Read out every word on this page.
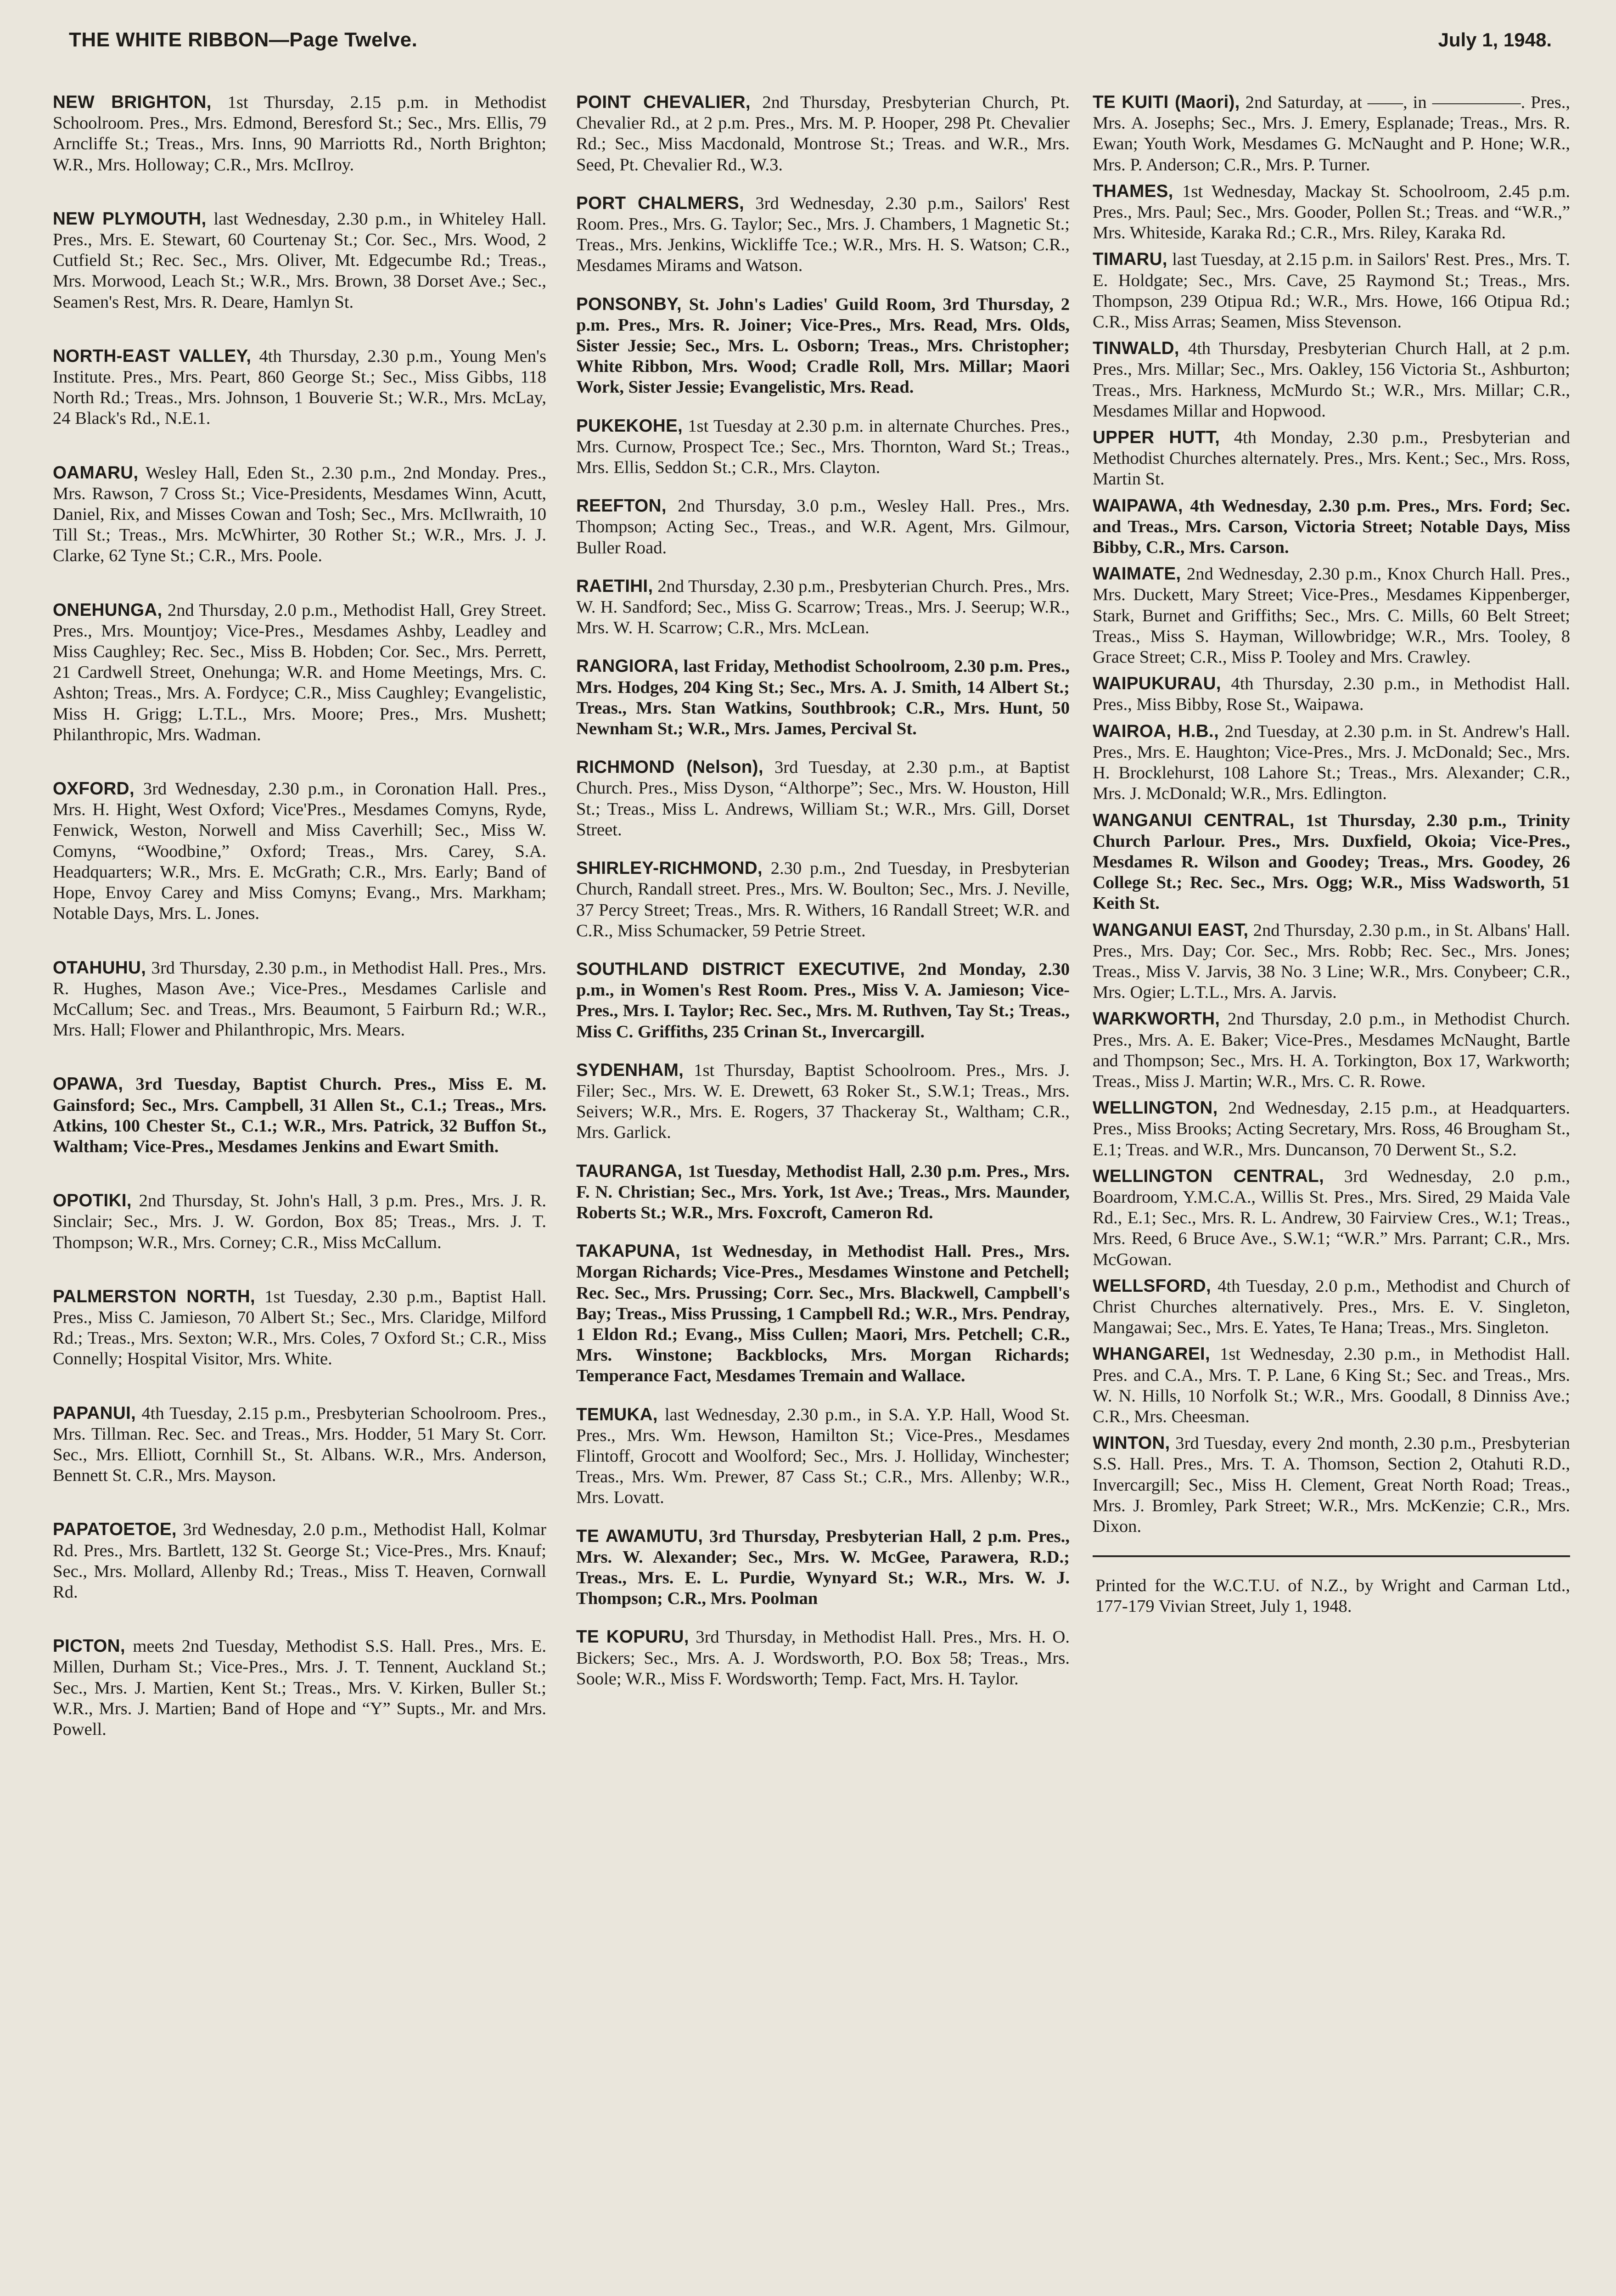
THE WHITE RIBBON—Page Twelve.	July 1, 1948.

NEW BRIGHTON, 1st Thursday, 2.15 p.m. in Methodist Schoolroom. Pres., Mrs. Edmond, Beresford St.; Sec., Mrs. Ellis, 79 Arncliffe St.; Treas., Mrs. Inns, 90 Marriotts Rd., North Brighton; W.R., Mrs. Holloway; C.R., Mrs. McIlroy.

NEW PLYMOUTH, last Wednesday, 2.30 p.m., in Whiteley Hall. Pres., Mrs. E. Stewart, 60 Courtenay St.; Cor. Sec., Mrs. Wood, 2 Cutfield St.; Rec. Sec., Mrs. Oliver, Mt. Edgecumbe Rd.; Treas., Mrs. Morwood, Leach St.; W.R., Mrs. Brown, 38 Dorset Ave.; Sec., Seamen's Rest, Mrs. R. Deare, Hamlyn St.

NORTH-EAST VALLEY, 4th Thursday, 2.30 p.m., Young Men's Institute. Pres., Mrs. Peart, 860 George St.; Sec., Miss Gibbs, 118 North Rd.; Treas., Mrs. Johnson, 1 Bouverie St.; W.R., Mrs. McLay, 24 Black's Rd., N.E.1.

OAMARU, Wesley Hall, Eden St., 2.30 p.m., 2nd Monday. Pres., Mrs. Rawson, 7 Cross St.; Vice-Presidents, Mesdames Winn, Acutt, Daniel, Rix, and Misses Cowan and Tosh; Sec., Mrs. McIlwraith, 10 Till St.; Treas., Mrs. McWhirter, 30 Rother St.; W.R., Mrs. J. J. Clarke, 62 Tyne St.; C.R., Mrs. Poole.

ONEHUNGA, 2nd Thursday, 2.0 p.m., Methodist Hall, Grey Street. Pres., Mrs. Mountjoy; Vice-Pres., Mesdames Ashby, Leadley and Miss Caughley; Rec. Sec., Miss B. Hobden; Cor. Sec., Mrs. Perrett, 21 Cardwell Street, Onehunga; W.R. and Home Meetings, Mrs. C. Ashton; Treas., Mrs. A. Fordyce; C.R., Miss Caughley; Evangelistic, Miss H. Grigg; L.T.L., Mrs. Moore; Pres., Mrs. Mushett; Philanthropic, Mrs. Wadman.

OXFORD, 3rd Wednesday, 2.30 p.m., in Coronation Hall. Pres., Mrs. H. Hight, West Oxford; Vice'Pres., Mesdames Comyns, Ryde, Fenwick, Weston, Norwell and Miss Caverhill; Sec., Miss W. Comyns, “Woodbine,” Oxford; Treas., Mrs. Carey, S.A. Headquarters; W.R., Mrs. E. McGrath; C.R., Mrs. Early; Band of Hope, Envoy Carey and Miss Comyns; Evang., Mrs. Markham; Notable Days, Mrs. L. Jones.

OTAHUHU, 3rd Thursday, 2.30 p.m., in Methodist Hall. Pres., Mrs. R. Hughes, Mason Ave.; Vice-Pres., Mesdames Carlisle and McCallum; Sec. and Treas., Mrs. Beaumont, 5 Fairburn Rd.; W.R., Mrs. Hall; Flower and Philanthropic, Mrs. Mears.

OPAWA, 3rd Tuesday, Baptist Church. Pres., Miss E. M. Gainsford; Sec., Mrs. Campbell, 31 Allen St., C.1.; Treas., Mrs. Atkins, 100 Chester St., C.1.; W.R., Mrs. Patrick, 32 Buffon St., Waltham; Vice-Pres., Mesdames Jenkins and Ewart Smith.

OPOTIKI, 2nd Thursday, St. John's Hall, 3 p.m. Pres., Mrs. J. R. Sinclair; Sec., Mrs. J. W. Gordon, Box 85; Treas., Mrs. J. T. Thompson; W.R., Mrs. Corney; C.R., Miss McCallum.

PALMERSTON NORTH, 1st Tuesday, 2.30 p.m., Baptist Hall. Pres., Miss C. Jamieson, 70 Albert St.; Sec., Mrs. Claridge, Milford Rd.; Treas., Mrs. Sexton; W.R., Mrs. Coles, 7 Oxford St.; C.R., Miss Connelly; Hospital Visitor, Mrs. White.

PAPANUI, 4th Tuesday, 2.15 p.m., Presbyterian Schoolroom. Pres., Mrs. Tillman. Rec. Sec. and Treas., Mrs. Hodder, 51 Mary St. Corr. Sec., Mrs. Elliott, Cornhill St., St. Albans. W.R., Mrs. Anderson, Bennett St. C.R., Mrs. Mayson.

PAPATOETOE, 3rd Wednesday, 2.0 p.m., Methodist Hall, Kolmar Rd. Pres., Mrs. Bartlett, 132 St. George St.; Vice-Pres., Mrs. Knauf; Sec., Mrs. Mollard, Allenby Rd.; Treas., Miss T. Heaven, Cornwall Rd.

PICTON, meets 2nd Tuesday, Methodist S.S. Hall. Pres., Mrs. E. Millen, Durham St.; Vice-Pres., Mrs. J. T. Tennent, Auckland St.; Sec., Mrs. J. Martien, Kent St.; Treas., Mrs. V. Kirken, Buller St.; W.R., Mrs. J. Martien; Band of Hope and “Y” Supts., Mr. and Mrs. Powell.

POINT CHEVALIER, 2nd Thursday, Presbyterian Church, Pt. Chevalier Rd., at 2 p.m. Pres., Mrs. M. P. Hooper, 298 Pt. Chevalier Rd.; Sec., Miss Macdonald, Montrose St.; Treas. and W.R., Mrs. Seed, Pt. Chevalier Rd., W.3.

PORT CHALMERS, 3rd Wednesday, 2.30 p.m., Sailors' Rest Room. Pres., Mrs. G. Taylor; Sec., Mrs. J. Chambers, 1 Magnetic St.; Treas., Mrs. Jenkins, Wickliffe Tce.; W.R., Mrs. H. S. Watson; C.R., Mesdames Mirams and Watson.

PONSONBY, St. John's Ladies' Guild Room, 3rd Thursday, 2 p.m. Pres., Mrs. R. Joiner; Vice-Pres., Mrs. Read, Mrs. Olds, Sister Jessie; Sec., Mrs. L. Osborn; Treas., Mrs. Christopher; White Ribbon, Mrs. Wood; Cradle Roll, Mrs. Millar; Maori Work, Sister Jessie; Evangelistic, Mrs. Read.

PUKEKOHE, 1st Tuesday at 2.30 p.m. in alternate Churches. Pres., Mrs. Curnow, Prospect Tce.; Sec., Mrs. Thornton, Ward St.; Treas., Mrs. Ellis, Seddon St.; C.R., Mrs. Clayton.

REEFTON, 2nd Thursday, 3.0 p.m., Wesley Hall. Pres., Mrs. Thompson; Acting Sec., Treas., and W.R. Agent, Mrs. Gilmour, Buller Road.

RAETIHI, 2nd Thursday, 2.30 p.m., Presbyterian Church. Pres., Mrs. W. H. Sandford; Sec., Miss G. Scarrow; Treas., Mrs. J. Seerup; W.R., Mrs. W. H. Scarrow; C.R., Mrs. McLean.

RANGIORA, last Friday, Methodist Schoolroom, 2.30 p.m. Pres., Mrs. Hodges, 204 King St.; Sec., Mrs. A. J. Smith, 14 Albert St.; Treas., Mrs. Stan Watkins, Southbrook; C.R., Mrs. Hunt, 50 Newnham St.; W.R., Mrs. James, Percival St.

RICHMOND (Nelson), 3rd Tuesday, at 2.30 p.m., at Baptist Church. Pres., Miss Dyson, “Althorpe”; Sec., Mrs. W. Houston, Hill St.; Treas., Miss L. Andrews, William St.; W.R., Mrs. Gill, Dorset Street.

SHIRLEY-RICHMOND, 2.30 p.m., 2nd Tuesday, in Presbyterian Church, Randall street. Pres., Mrs. W. Boulton; Sec., Mrs. J. Neville, 37 Percy Street; Treas., Mrs. R. Withers, 16 Randall Street; W.R. and C.R., Miss Schumacker, 59 Petrie Street.

SOUTHLAND DISTRICT EXECUTIVE, 2nd Monday, 2.30 p.m., in Women's Rest Room. Pres., Miss V. A. Jamieson; Vice-Pres., Mrs. I. Taylor; Rec. Sec., Mrs. M. Ruthven, Tay St.; Treas., Miss C. Griffiths, 235 Crinan St., Invercargill.

SYDENHAM, 1st Thursday, Baptist Schoolroom. Pres., Mrs. J. Filer; Sec., Mrs. W. E. Drewett, 63 Roker St., S.W.1; Treas., Mrs. Seivers; W.R., Mrs. E. Rogers, 37 Thackeray St., Waltham; C.R., Mrs. Garlick.

TAURANGA, 1st Tuesday, Methodist Hall, 2.30 p.m. Pres., Mrs. F. N. Christian; Sec., Mrs. York, 1st Ave.; Treas., Mrs. Maunder, Roberts St.; W.R., Mrs. Foxcroft, Cameron Rd.

TAKAPUNA, 1st Wednesday, in Methodist Hall. Pres., Mrs. Morgan Richards; Vice-Pres., Mesdames Winstone and Petchell; Rec. Sec., Mrs. Prussing; Corr. Sec., Mrs. Blackwell, Campbell's Bay; Treas., Miss Prussing, 1 Campbell Rd.; W.R., Mrs. Pendray, 1 Eldon Rd.; Evang., Miss Cullen; Maori, Mrs. Petchell; C.R., Mrs. Winstone; Backblocks, Mrs. Morgan Richards; Temperance Fact, Mesdames Tremain and Wallace.

TEMUKA, last Wednesday, 2.30 p.m., in S.A. Y.P. Hall, Wood St. Pres., Mrs. Wm. Hewson, Hamilton St.; Vice-Pres., Mesdames Flintoff, Grocott and Woolford; Sec., Mrs. J. Holliday, Winchester; Treas., Mrs. Wm. Prewer, 87 Cass St.; C.R., Mrs. Allenby; W.R., Mrs. Lovatt.

TE AWAMUTU, 3rd Thursday, Presbyterian Hall, 2 p.m. Pres., Mrs. W. Alexander; Sec., Mrs. W. McGee, Parawera, R.D.; Treas., Mrs. E. L. Purdie, Wynyard St.; W.R., Mrs. W. J. Thompson; C.R., Mrs. Poolman

TE KOPURU, 3rd Thursday, in Methodist Hall. Pres., Mrs. H. O. Bickers; Sec., Mrs. A. J. Wordsworth, P.O. Box 58; Treas., Mrs. Soole; W.R., Miss F. Wordsworth; Temp. Fact, Mrs. H. Taylor.

TE KUITI (Maori), 2nd Saturday, at ——, in —————. Pres., Mrs. A. Josephs; Sec., Mrs. J. Emery, Esplanade; Treas., Mrs. R. Ewan; Youth Work, Mesdames G. McNaught and P. Hone; W.R., Mrs. P. Anderson; C.R., Mrs. P. Turner.

THAMES, 1st Wednesday, Mackay St. Schoolroom, 2.45 p.m. Pres., Mrs. Paul; Sec., Mrs. Gooder, Pollen St.; Treas. and “W.R.,” Mrs. Whiteside, Karaka Rd.; C.R., Mrs. Riley, Karaka Rd.

TIMARU, last Tuesday, at 2.15 p.m. in Sailors' Rest. Pres., Mrs. T. E. Holdgate; Sec., Mrs. Cave, 25 Raymond St.; Treas., Mrs. Thompson, 239 Otipua Rd.; W.R., Mrs. Howe, 166 Otipua Rd.; C.R., Miss Arras; Seamen, Miss Stevenson.

TINWALD, 4th Thursday, Presbyterian Church Hall, at 2 p.m. Pres., Mrs. Millar; Sec., Mrs. Oakley, 156 Victoria St., Ashburton; Treas., Mrs. Harkness, McMurdo St.; W.R., Mrs. Millar; C.R., Mesdames Millar and Hopwood.

UPPER HUTT, 4th Monday, 2.30 p.m., Presbyterian and Methodist Churches alternately. Pres., Mrs. Kent.; Sec., Mrs. Ross, Martin St.

WAIPAWA, 4th Wednesday, 2.30 p.m. Pres., Mrs. Ford; Sec. and Treas., Mrs. Carson, Victoria Street; Notable Days, Miss Bibby, C.R., Mrs. Carson.

WAIMATE, 2nd Wednesday, 2.30 p.m., Knox Church Hall. Pres., Mrs. Duckett, Mary Street; Vice-Pres., Mesdames Kippenberger, Stark, Burnet and Griffiths; Sec., Mrs. C. Mills, 60 Belt Street; Treas., Miss S. Hayman, Willowbridge; W.R., Mrs. Tooley, 8 Grace Street; C.R., Miss P. Tooley and Mrs. Crawley.

WAIPUKURAU, 4th Thursday, 2.30 p.m., in Methodist Hall. Pres., Miss Bibby, Rose St., Waipawa.

WAIROA, H.B., 2nd Tuesday, at 2.30 p.m. in St. Andrew's Hall. Pres., Mrs. E. Haughton; Vice-Pres., Mrs. J. McDonald; Sec., Mrs. H. Brocklehurst, 108 Lahore St.; Treas., Mrs. Alexander; C.R., Mrs. J. McDonald; W.R., Mrs. Edlington.

WANGANUI CENTRAL, 1st Thursday, 2.30 p.m., Trinity Church Parlour. Pres., Mrs. Duxfield, Okoia; Vice-Pres., Mesdames R. Wilson and Goodey; Treas., Mrs. Goodey, 26 College St.; Rec. Sec., Mrs. Ogg; W.R., Miss Wadsworth, 51 Keith St.

WANGANUI EAST, 2nd Thursday, 2.30 p.m., in St. Albans' Hall. Pres., Mrs. Day; Cor. Sec., Mrs. Robb; Rec. Sec., Mrs. Jones; Treas., Miss V. Jarvis, 38 No. 3 Line; W.R., Mrs. Conybeer; C.R., Mrs. Ogier; L.T.L., Mrs. A. Jarvis.

WARKWORTH, 2nd Thursday, 2.0 p.m., in Methodist Church. Pres., Mrs. A. E. Baker; Vice-Pres., Mesdames McNaught, Bartle and Thompson; Sec., Mrs. H. A. Torkington, Box 17, Warkworth; Treas., Miss J. Martin; W.R., Mrs. C. R. Rowe.

WELLINGTON, 2nd Wednesday, 2.15 p.m., at Headquarters. Pres., Miss Brooks; Acting Secretary, Mrs. Ross, 46 Brougham St., E.1; Treas. and W.R., Mrs. Duncanson, 70 Derwent St., S.2.

WELLINGTON CENTRAL, 3rd Wednesday, 2.0 p.m., Boardroom, Y.M.C.A., Willis St. Pres., Mrs. Sired, 29 Maida Vale Rd., E.1; Sec., Mrs. R. L. Andrew, 30 Fairview Cres., W.1; Treas., Mrs. Reed, 6 Bruce Ave., S.W.1; “W.R.” Mrs. Parrant; C.R., Mrs. McGowan.

WELLSFORD, 4th Tuesday, 2.0 p.m., Methodist and Church of Christ Churches alternatively. Pres., Mrs. E. V. Singleton, Mangawai; Sec., Mrs. E. Yates, Te Hana; Treas., Mrs. Singleton.

WHANGAREI, 1st Wednesday, 2.30 p.m., in Methodist Hall. Pres. and C.A., Mrs. T. P. Lane, 6 King St.; Sec. and Treas., Mrs. W. N. Hills, 10 Norfolk St.; W.R., Mrs. Goodall, 8 Dinniss Ave.; C.R., Mrs. Cheesman.

WINTON, 3rd Tuesday, every 2nd month, 2.30 p.m., Presbyterian S.S. Hall. Pres., Mrs. T. A. Thomson, Section 2, Otahuti R.D., Invercargill; Sec., Miss H. Clement, Great North Road; Treas., Mrs. J. Bromley, Park Street; W.R., Mrs. McKenzie; C.R., Mrs. Dixon.

Printed for the W.C.T.U. of N.Z., by Wright and Carman Ltd., 177-179 Vivian Street, July 1, 1948.
